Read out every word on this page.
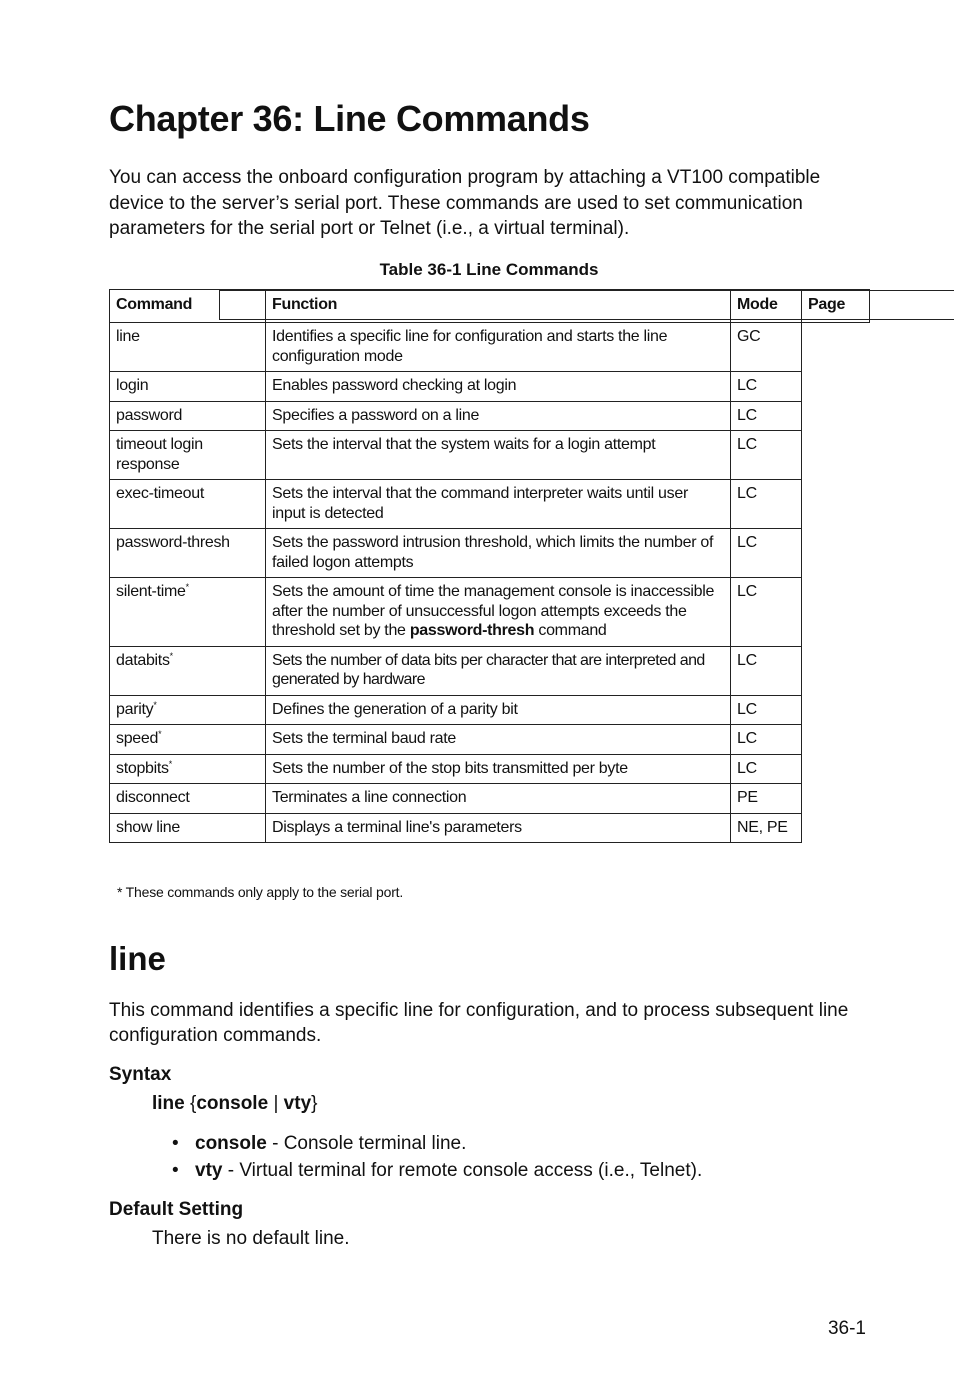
Chapter 36: Line Commands

You can access the onboard configuration program by attaching a VT100 compatible device to the server’s serial port. These commands are used to set communication parameters for the serial port or Telnet (i.e., a virtual terminal).

Table 36-1 Line Commands
Command	Function	Mode	Page
line	Identifies a specific line for configuration and starts the line configuration mode	GC	

login	Enables password checking at login	LC	

password	Specifies a password on a line	LC	

timeout login response	Sets the interval that the system waits for a login attempt	LC	

exec-timeout	Sets the interval that the command interpreter waits until user input is detected	LC	

password-thresh	Sets the password intrusion threshold, which limits the number of failed logon attempts	LC	

silent-time*	Sets the amount of time the management console is inaccessible after the number of unsuccessful logon attempts exceeds the threshold set by the password-thresh command	LC	

databits*	Sets the number of data bits per character that are interpreted and generated by hardware	LC	

parity*	Defines the generation of a parity bit	LC	

speed*	Sets the terminal baud rate	LC	

stopbits*	Sets the number of the stop bits transmitted per byte	LC	

disconnect	Terminates a line connection	PE	

show line	Displays a terminal line's parameters	NE, PE	
* These commands only apply to the serial port.
line

This command identifies a specific line for configuration, and to process subsequent line configuration commands.

Syntax
line {console | vty}
• console - Console terminal line.
• vty - Virtual terminal for remote console access (i.e., Telnet).
Default Setting
There is no default line.
36-1
